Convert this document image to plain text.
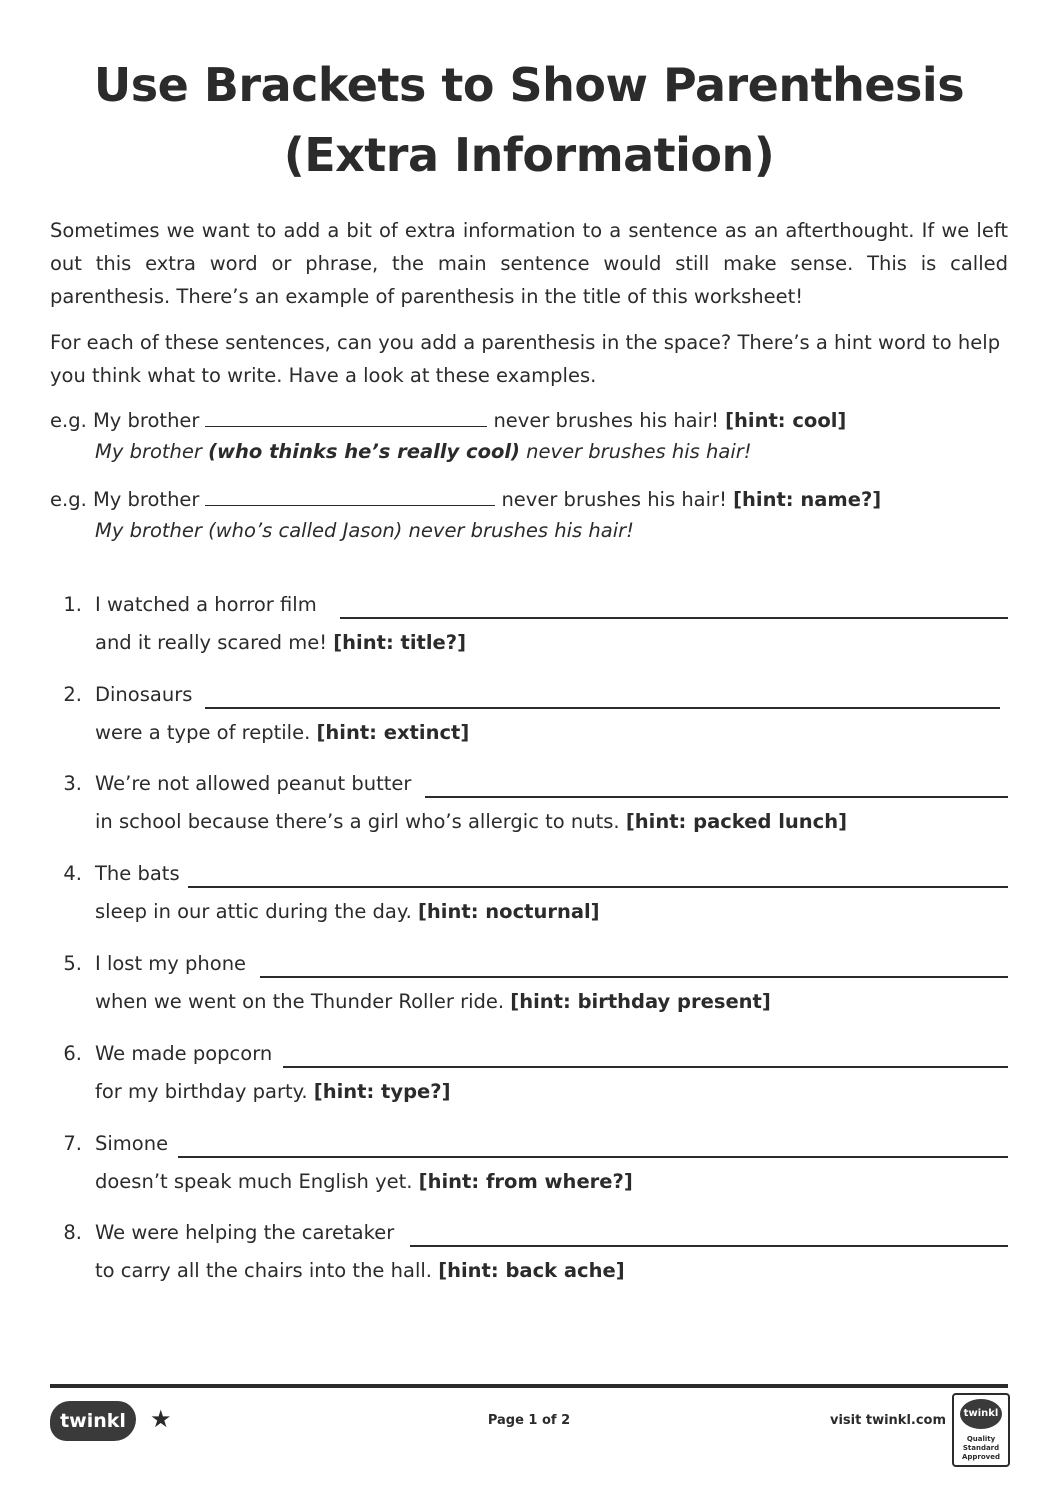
Use Brackets to Show Parenthesis
(Extra Information)
Sometimes we want to add a bit of extra information to a sentence as an afterthought. If we left out this extra word or phrase, the main sentence would still make sense. This is called parenthesis. There’s an example of parenthesis in the title of this worksheet!
For each of these sentences, can you add a parenthesis in the space? There’s a hint word to help you think what to write. Have a look at these examples.
e.g. My brother	never brushes his hair! [hint: cool]
My brother (who thinks he’s really cool) never brushes his hair!
e.g. My brother	never brushes his hair! [hint: name?]
My brother (who’s called Jason) never brushes his hair!
1. I watched a horror film
and it really scared me! [hint: title?]
2. Dinosaurs
were a type of reptile. [hint: extinct]
3. We’re not allowed peanut butter
in school because there’s a girl who’s allergic to nuts. [hint: packed lunch]
4. The bats
sleep in our attic during the day. [hint: nocturnal]
5. I lost my phone
when we went on the Thunder Roller ride. [hint: birthday present]
6. We made popcorn
for my birthday party. [hint: type?]
7. Simone
doesn’t speak much English yet. [hint: from where?]
8. We were helping the caretaker
to carry all the chairs into the hall. [hint: back ache]
twinkl	★	Page 1 of 2	visit twinkl.com	twinkl
Quality Standard Approved
